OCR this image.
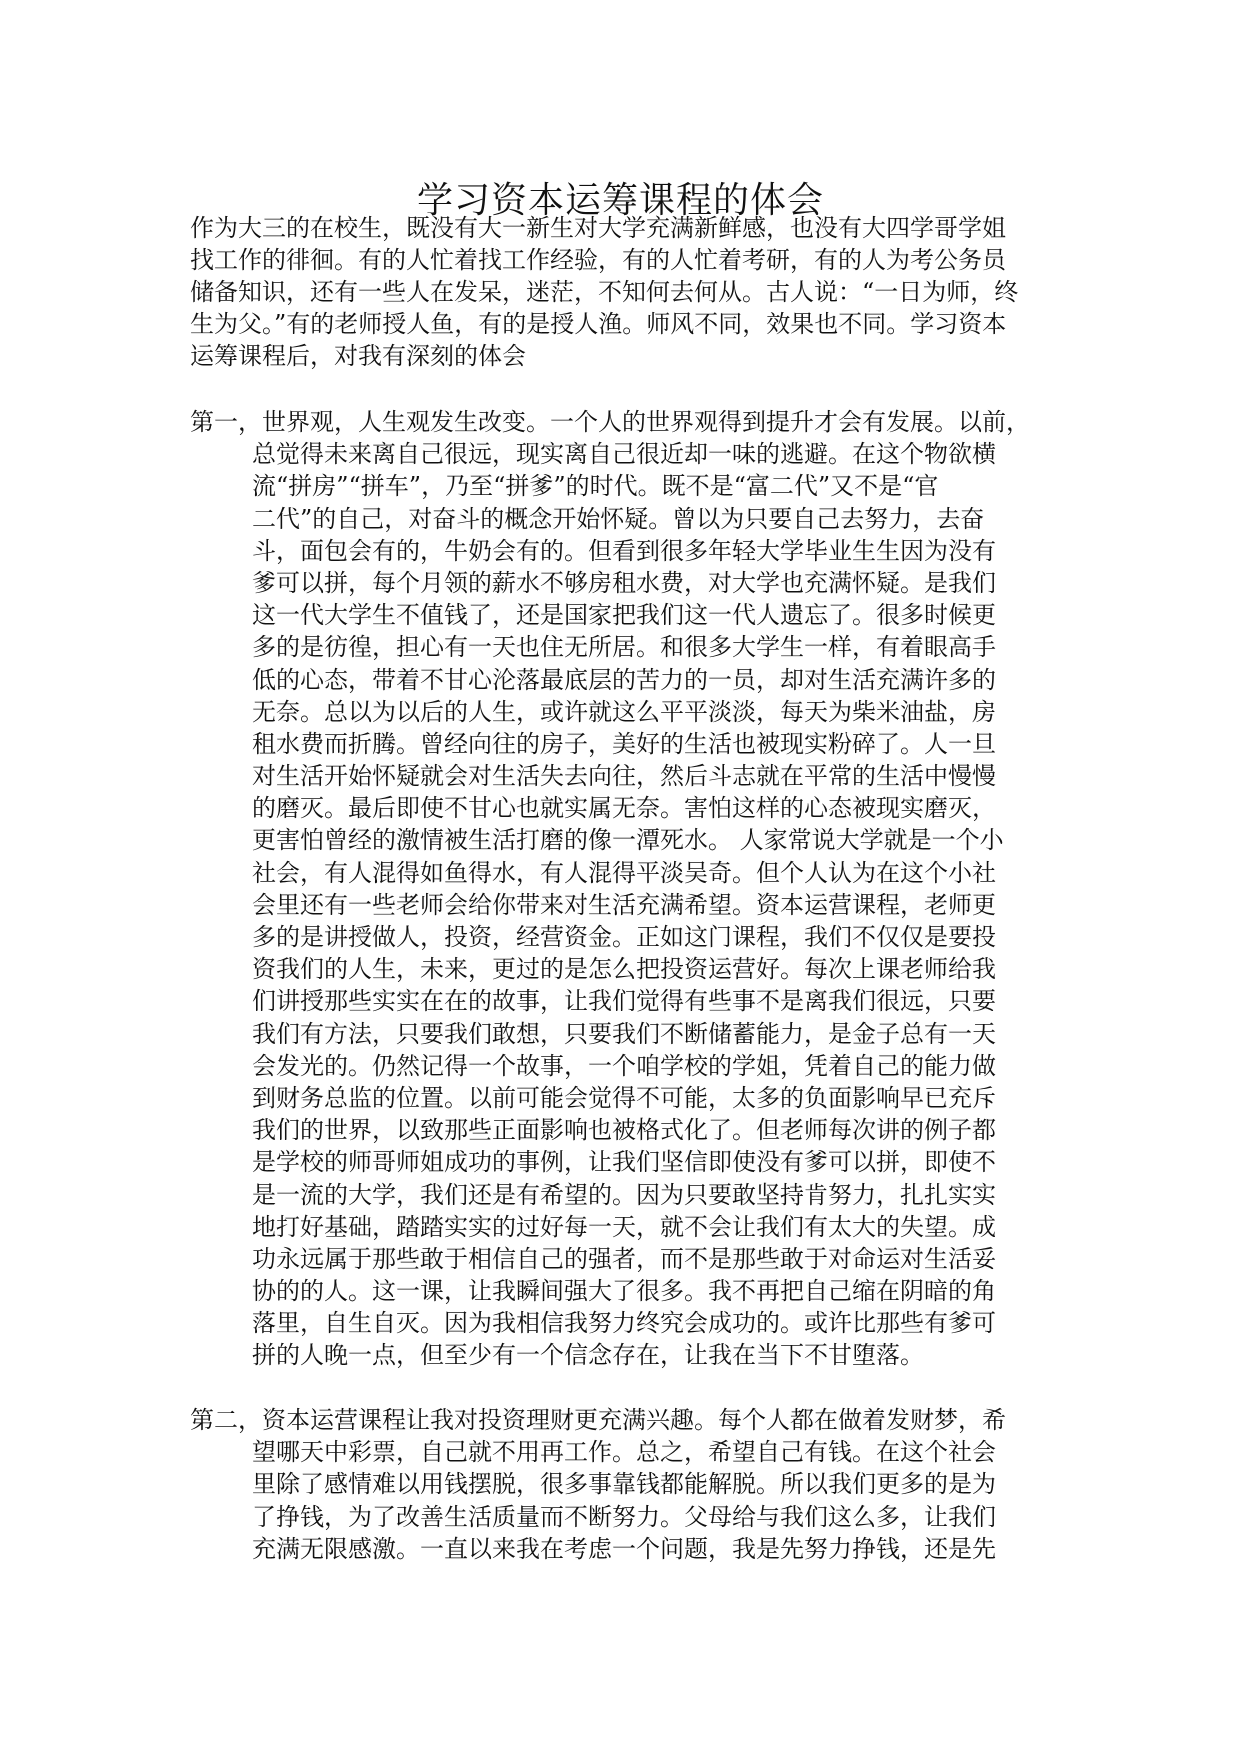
学习资本运筹课程的体会
作为大三的在校生，既没有大一新生对大学充满新鲜感，也没有大四学哥学姐
找工作的徘徊。有的人忙着找工作经验，有的人忙着考研，有的人为考公务员
储备知识，还有一些人在发呆，迷茫，不知何去何从。古人说：“一日为师，终
生为父。”有的老师授人鱼，有的是授人渔。师风不同，效果也不同。学习资本
运筹课程后，对我有深刻的体会
第一， 世界观，人生观发生改变。一个人的世界观得到提升才会有发展。以前，
总觉得未来离自己很远，现实离自己很近却一味的逃避。在这个物欲横
流“拼房”“拼车”，乃至“拼爹”的时代。既不是“富二代”又不是“官
二代”的自己，对奋斗的概念开始怀疑。曾以为只要自己去努力，去奋
斗，面包会有的，牛奶会有的。但看到很多年轻大学毕业生生因为没有
爹可以拼，每个月领的薪水不够房租水费，对大学也充满怀疑。是我们
这一代大学生不值钱了，还是国家把我们这一代人遗忘了。很多时候更
多的是彷徨，担心有一天也住无所居。和很多大学生一样，有着眼高手
低的心态，带着不甘心沦落最底层的苦力的一员，却对生活充满许多的
无奈。总以为以后的人生，或许就这么平平淡淡，每天为柴米油盐，房
租水费而折腾。曾经向往的房子，美好的生活也被现实粉碎了。人一旦
对生活开始怀疑就会对生活失去向往，然后斗志就在平常的生活中慢慢
的磨灭。最后即使不甘心也就实属无奈。害怕这样的心态被现实磨灭，
更害怕曾经的激情被生活打磨的像一潭死水。 人家常说大学就是一个小
社会，有人混得如鱼得水，有人混得平淡吴奇。但个人认为在这个小社
会里还有一些老师会给你带来对生活充满希望。资本运营课程，老师更
多的是讲授做人，投资，经营资金。正如这门课程，我们不仅仅是要投
资我们的人生，未来，更过的是怎么把投资运营好。每次上课老师给我
们讲授那些实实在在的故事，让我们觉得有些事不是离我们很远，只要
我们有方法，只要我们敢想，只要我们不断储蓄能力，是金子总有一天
会发光的。仍然记得一个故事，一个咱学校的学姐，凭着自己的能力做
到财务总监的位置。以前可能会觉得不可能，太多的负面影响早已充斥
我们的世界，以致那些正面影响也被格式化了。但老师每次讲的例子都
是学校的师哥师姐成功的事例，让我们坚信即使没有爹可以拼，即使不
是一流的大学，我们还是有希望的。因为只要敢坚持肯努力，扎扎实实
地打好基础，踏踏实实的过好每一天，就不会让我们有太大的失望。成
功永远属于那些敢于相信自己的强者，而不是那些敢于对命运对生活妥
协的的人。这一课，让我瞬间强大了很多。我不再把自己缩在阴暗的角
落里，自生自灭。因为我相信我努力终究会成功的。或许比那些有爹可
拼的人晚一点，但至少有一个信念存在，让我在当下不甘堕落。
第二， 资本运营课程让我对投资理财更充满兴趣。每个人都在做着发财梦，希
望哪天中彩票，自己就不用再工作。总之，希望自己有钱。在这个社会
里除了感情难以用钱摆脱，很多事靠钱都能解脱。所以我们更多的是为
了挣钱，为了改善生活质量而不断努力。父母给与我们这么多，让我们
充满无限感激。一直以来我在考虑一个问题，我是先努力挣钱，还是先
